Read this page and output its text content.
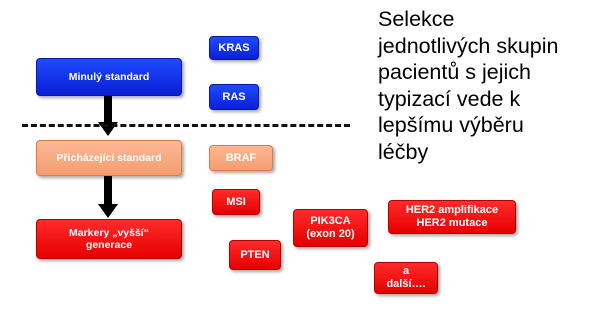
Minulý standard
Přicházející standard
Markery „vyšší“
generace
KRAS
RAS
BRAF
MSI
PTEN
PIK3CA
(exon 20)
HER2 amplifikace
HER2 mutace
a
další….
Selekce
jednotlivých skupin
pacientů s jejich
typizací vede k
lepšímu výběru
léčby
